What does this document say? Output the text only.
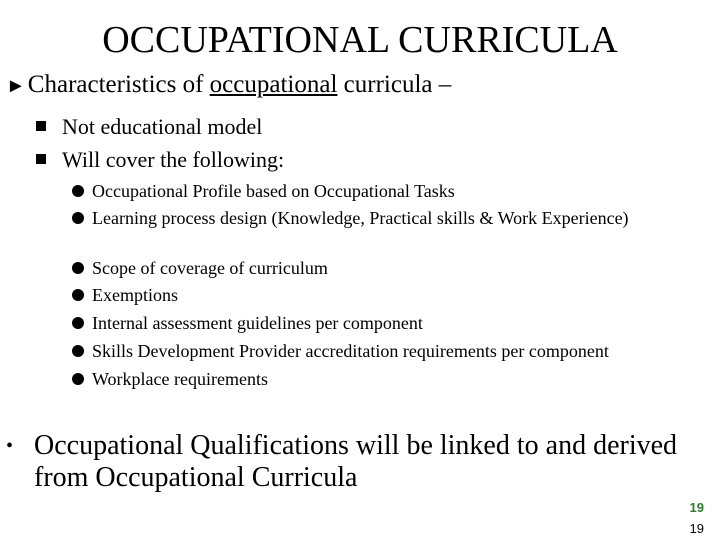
OCCUPATIONAL CURRICULA
►Characteristics of occupational curricula –
Not educational model
Will cover the following:
Occupational Profile based on Occupational Tasks
Learning process design (Knowledge, Practical skills & Work Experience)
Scope of coverage of curriculum
Exemptions
Internal assessment guidelines per component
Skills Development Provider accreditation requirements per component
Workplace requirements
• Occupational Qualifications will be linked to and derived from Occupational Curricula
19
19
